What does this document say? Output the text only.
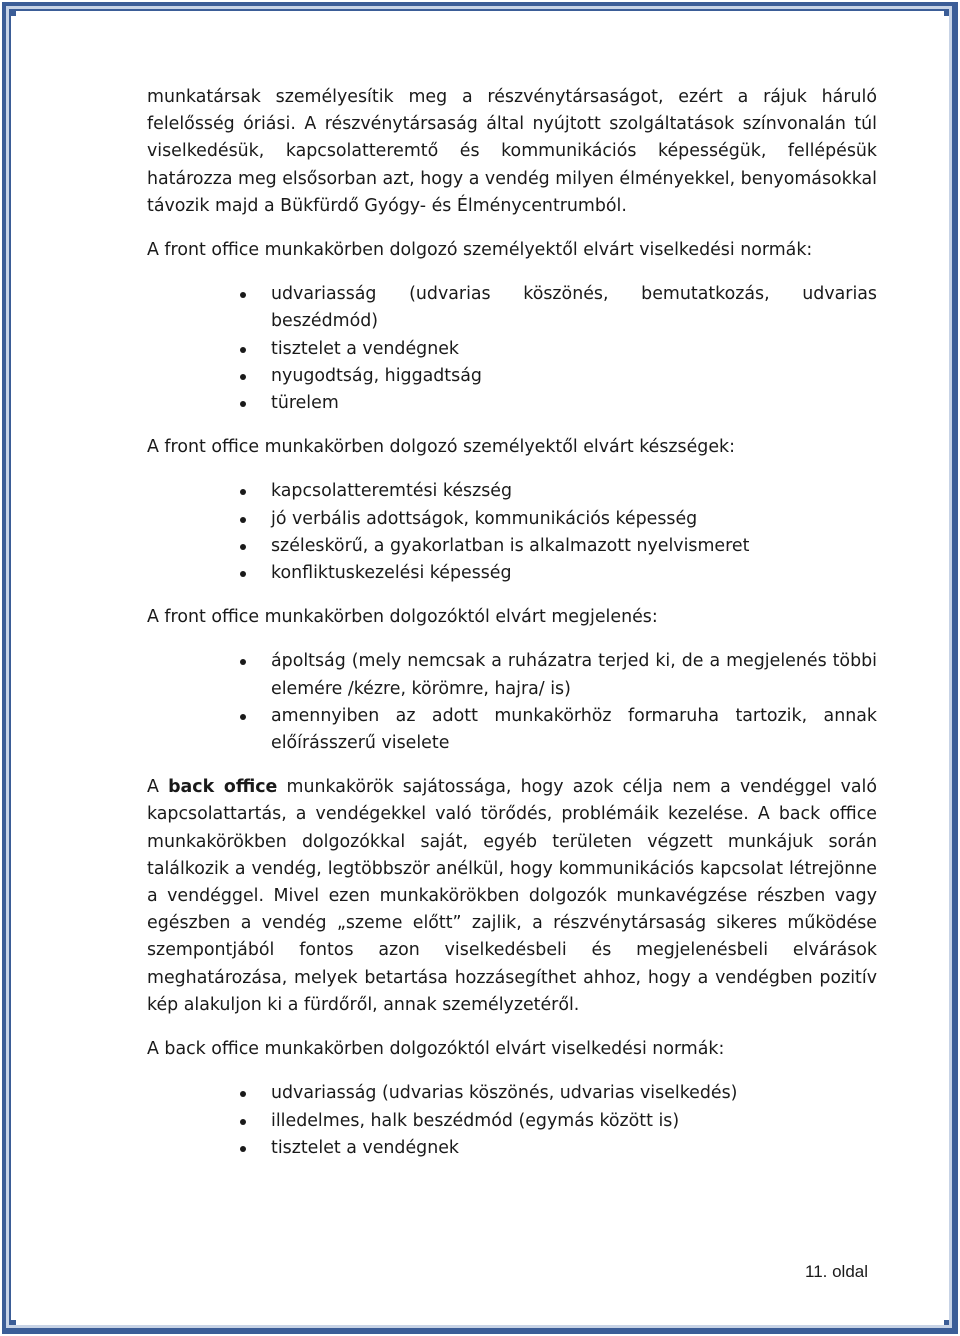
munkatársak személyesítik meg a részvénytársaságot, ezért a rájuk háruló felelősség óriási. A részvénytársaság által nyújtott szolgáltatások színvonalán túl viselkedésük, kapcsolatteremtő és kommunikációs képességük, fellépésük határozza meg elsősorban azt, hogy a vendég milyen élményekkel, benyomásokkal távozik majd a Bükfürdő Gyógy- és Élménycentrumból.

A front office munkakörben dolgozó személyektől elvárt viselkedési normák:

udvariasság (udvarias köszönés, bemutatkozás, udvarias beszédmód)
tisztelet a vendégnek
nyugodtság, higgadtság
türelem

A front office munkakörben dolgozó személyektől elvárt készségek:

kapcsolatteremtési készség
jó verbális adottságok, kommunikációs képesség
széleskörű, a gyakorlatban is alkalmazott nyelvismeret
konfliktuskezelési képesség

A front office munkakörben dolgozóktól elvárt megjelenés:

ápoltság (mely nemcsak a ruházatra terjed ki, de a megjelenés többi elemére /kézre, körömre, hajra/ is)
amennyiben az adott munkakörhöz formaruha tartozik, annak előírásszerű viselete

A back office munkakörök sajátossága, hogy azok célja nem a vendéggel való kapcsolattartás, a vendégekkel való törődés, problémáik kezelése. A back office munkakörökben dolgozókkal saját, egyéb területen végzett munkájuk során találkozik a vendég, legtöbbször anélkül, hogy kommunikációs kapcsolat létrejönne a vendéggel. Mivel ezen munkakörökben dolgozók munkavégzése részben vagy egészben a vendég „szeme előtt” zajlik, a részvénytársaság sikeres működése szempontjából fontos azon viselkedésbeli és megjelenésbeli elvárások meghatározása, melyek betartása hozzásegíthet ahhoz, hogy a vendégben pozitív kép alakuljon ki a fürdőről, annak személyzetéről.

A back office munkakörben dolgozóktól elvárt viselkedési normák:

udvariasság (udvarias köszönés, udvarias viselkedés)
illedelmes, halk beszédmód (egymás között is)
tisztelet a vendégnek
11. oldal
